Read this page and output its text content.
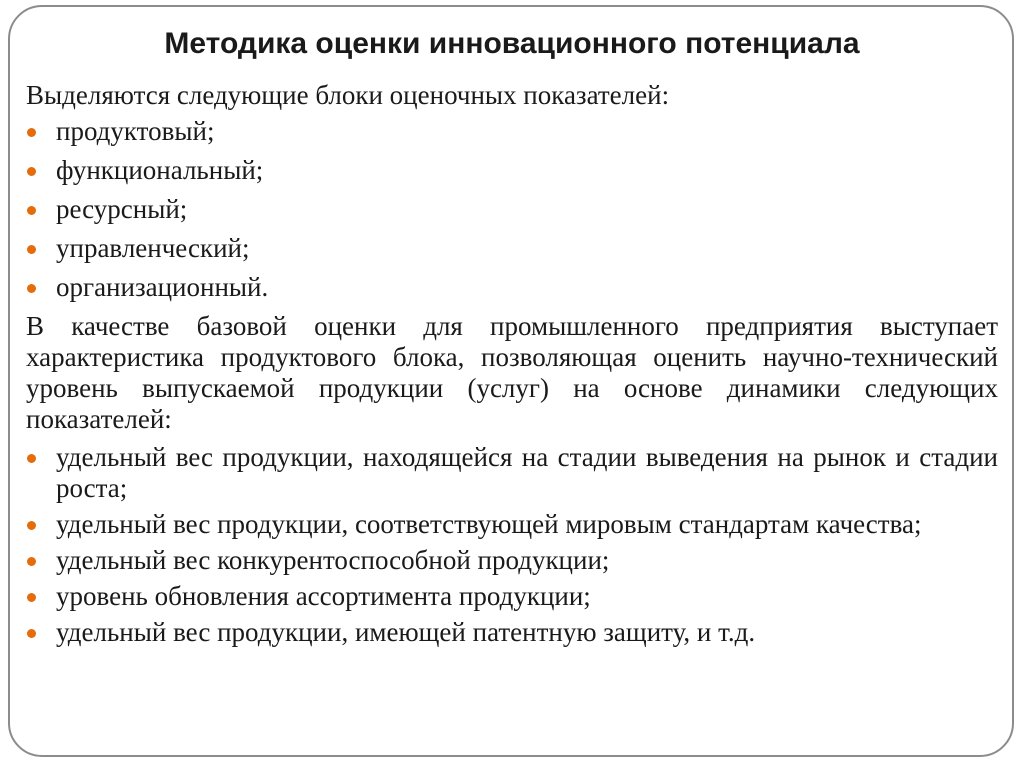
Методика оценки инновационного потенциала

Выделяются следующие блоки оценочных показателей:

продуктовый;
функциональный;
ресурсный;
управленческий;
организационный.

В качестве базовой оценки для промышленного предприятия выступает характеристика продуктового блока, позволяющая оценить научно-технический уровень выпускаемой продукции (услуг) на основе динамики следующих показателей:

удельный вес продукции, находящейся на стадии выведения на рынок и стадии роста;
удельный вес продукции, соответствующей мировым стандартам качества;
удельный вес конкурентоспособной продукции;
уровень обновления ассортимента продукции;
удельный вес продукции, имеющей патентную защиту, и т.д.
